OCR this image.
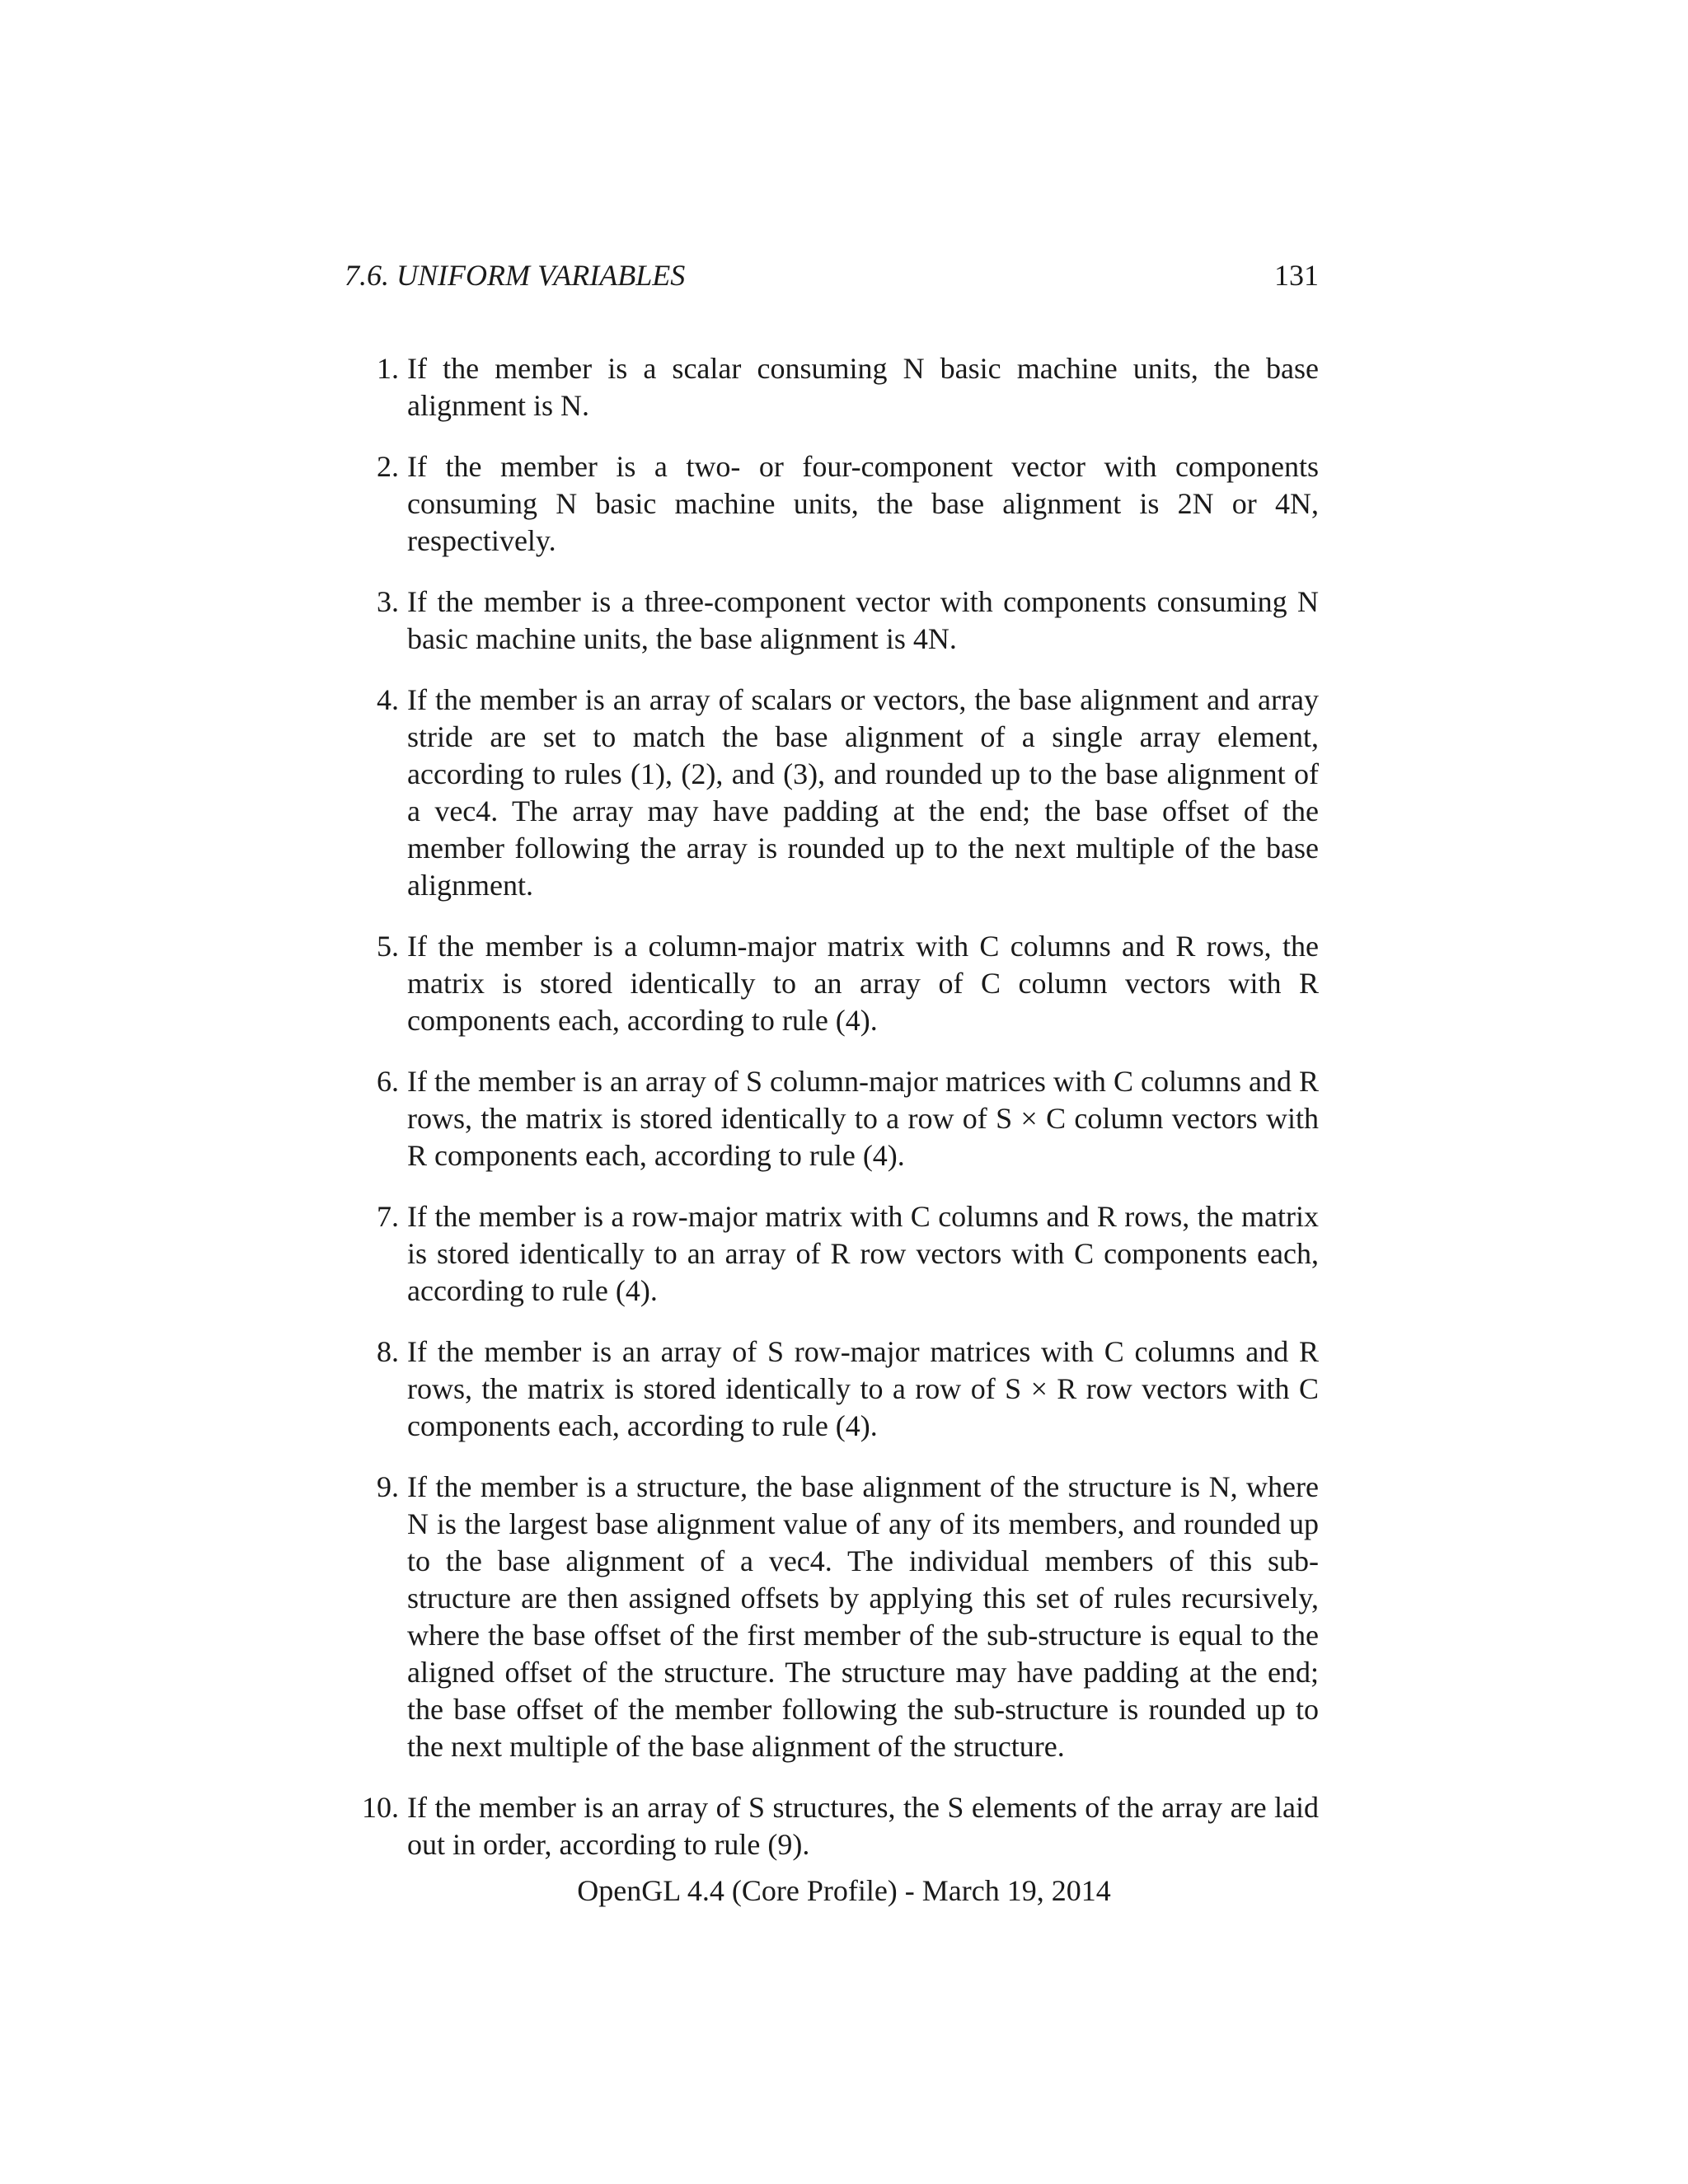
7.6. UNIFORM VARIABLES	131
1. If the member is a scalar consuming N basic machine units, the base alignment is N.
2. If the member is a two- or four-component vector with components consuming N basic machine units, the base alignment is 2N or 4N, respectively.
3. If the member is a three-component vector with components consuming N basic machine units, the base alignment is 4N.
4. If the member is an array of scalars or vectors, the base alignment and array stride are set to match the base alignment of a single array element, according to rules (1), (2), and (3), and rounded up to the base alignment of a vec4. The array may have padding at the end; the base offset of the member following the array is rounded up to the next multiple of the base alignment.
5. If the member is a column-major matrix with C columns and R rows, the matrix is stored identically to an array of C column vectors with R components each, according to rule (4).
6. If the member is an array of S column-major matrices with C columns and R rows, the matrix is stored identically to a row of S × C column vectors with R components each, according to rule (4).
7. If the member is a row-major matrix with C columns and R rows, the matrix is stored identically to an array of R row vectors with C components each, according to rule (4).
8. If the member is an array of S row-major matrices with C columns and R rows, the matrix is stored identically to a row of S × R row vectors with C components each, according to rule (4).
9. If the member is a structure, the base alignment of the structure is N, where N is the largest base alignment value of any of its members, and rounded up to the base alignment of a vec4. The individual members of this sub-structure are then assigned offsets by applying this set of rules recursively, where the base offset of the first member of the sub-structure is equal to the aligned offset of the structure. The structure may have padding at the end; the base offset of the member following the sub-structure is rounded up to the next multiple of the base alignment of the structure.
10. If the member is an array of S structures, the S elements of the array are laid out in order, according to rule (9).
OpenGL 4.4 (Core Profile) - March 19, 2014
